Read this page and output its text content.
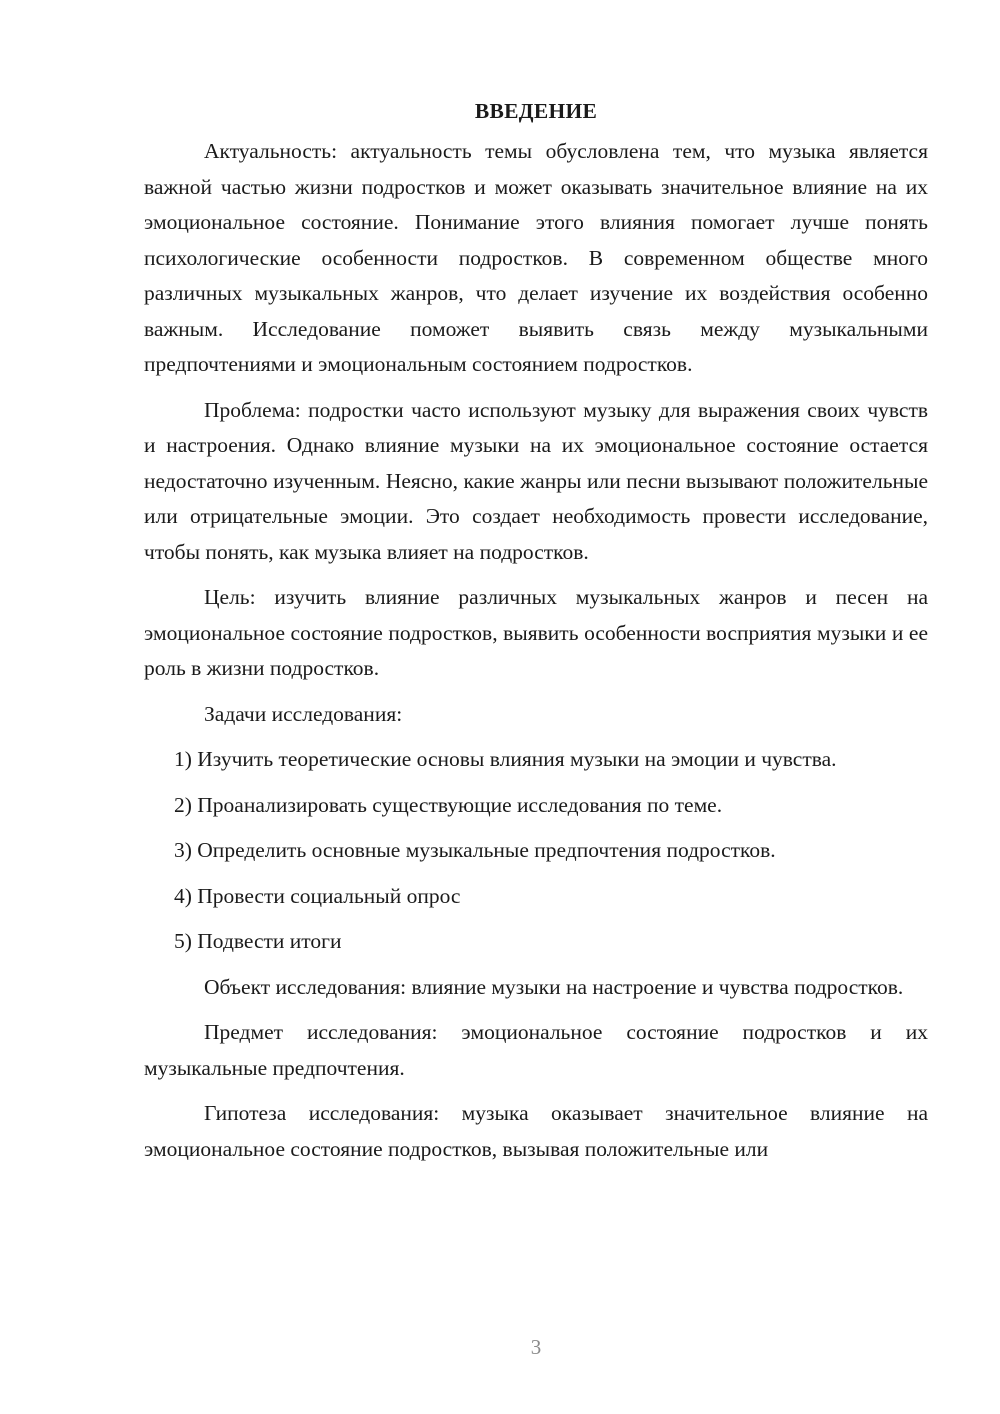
ВВЕДЕНИЕ

Актуальность: актуальность темы обусловлена тем, что музыка является важной частью жизни подростков и может оказывать значительное влияние на их эмоциональное состояние. Понимание этого влияния помогает лучше понять психологические особенности подростков. В современном обществе много различных музыкальных жанров, что делает изучение их воздействия особенно важным. Исследование поможет выявить связь между музыкальными предпочтениями и эмоциональным состоянием подростков.

Проблема: подростки часто используют музыку для выражения своих чувств и настроения. Однако влияние музыки на их эмоциональное состояние остается недостаточно изученным. Неясно, какие жанры или песни вызывают положительные или отрицательные эмоции. Это создает необходимость провести исследование, чтобы понять, как музыка влияет на подростков.

Цель: изучить влияние различных музыкальных жанров и песен на эмоциональное состояние подростков, выявить особенности восприятия музыки и ее роль в жизни подростков.

Задачи исследования:

1) Изучить теоретические основы влияния музыки на эмоции и чувства.

2) Проанализировать существующие исследования по теме.

3) Определить основные музыкальные предпочтения подростков.

4) Провести социальный опрос

5) Подвести итоги

Объект исследования: влияние музыки на настроение и чувства подростков.

Предмет исследования: эмоциональное состояние подростков и их музыкальные предпочтения.

Гипотеза исследования: музыка оказывает значительное влияние на эмоциональное состояние подростков, вызывая положительные или

3
